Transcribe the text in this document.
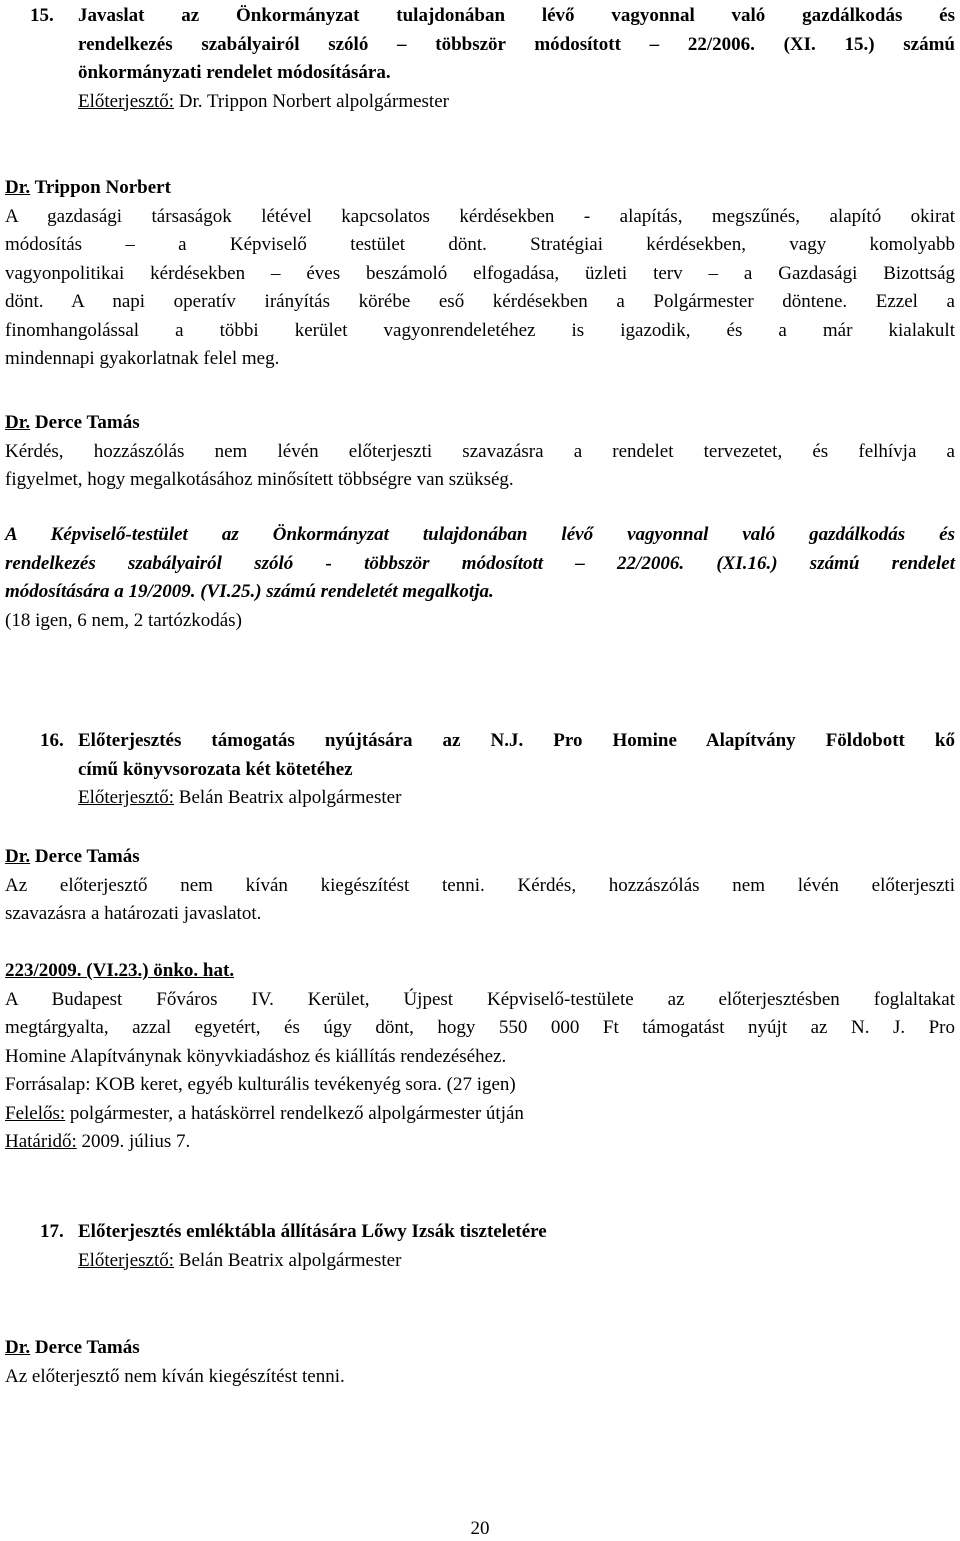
15.	Javaslat az Önkormányzat tulajdonában lévő vagyonnal való gazdálkodás és
rendelkezés szabályairól szóló – többször módosított – 22/2006. (XI. 15.) számú
önkormányzati rendelet módosítására.
Előterjesztő: Dr. Trippon Norbert alpolgármester
Dr. Trippon Norbert
A gazdasági társaságok létével kapcsolatos kérdésekben - alapítás, megszűnés, alapító okirat
módosítás – a Képviselő testület dönt. Stratégiai kérdésekben, vagy komolyabb
vagyonpolitikai kérdésekben – éves beszámoló elfogadása, üzleti terv – a Gazdasági Bizottság
dönt. A napi operatív irányítás körébe eső kérdésekben a Polgármester döntene. Ezzel a
finomhangolással a többi kerület vagyonrendeletéhez is igazodik, és a már kialakult
mindennapi gyakorlatnak felel meg.
Dr. Derce Tamás
Kérdés, hozzászólás nem lévén előterjeszti szavazásra a rendelet tervezetet, és felhívja a
figyelmet, hogy megalkotásához minősített többségre van szükség.
A Képviselő-testület az Önkormányzat tulajdonában lévő vagyonnal való gazdálkodás és
rendelkezés szabályairól szóló - többször módosított – 22/2006. (XI.16.) számú rendelet
módosítására a 19/2009. (VI.25.) számú rendeletét megalkotja.
(18 igen, 6 nem, 2 tartózkodás)
16. Előterjesztés támogatás nyújtására az N.J. Pro Homine Alapítvány Földobott kő
című könyvsorozata két kötetéhez
Előterjesztő: Belán Beatrix alpolgármester
Dr. Derce Tamás
Az előterjesztő nem kíván kiegészítést tenni. Kérdés, hozzászólás nem lévén előterjeszti
szavazásra a határozati javaslatot.
223/2009. (VI.23.) önko. hat.
A Budapest Főváros IV. Kerület, Újpest Képviselő-testülete az előterjesztésben foglaltakat
megtárgyalta, azzal egyetért, és úgy dönt, hogy 550 000 Ft támogatást nyújt az N. J. Pro
Homine Alapítványnak könyvkiadáshoz és kiállítás rendezéséhez.
Forrásalap: KOB keret, egyéb kulturális tevékenyég sora. (27 igen)
Felelős: polgármester, a hatáskörrel rendelkező alpolgármester útján
Határidő: 2009. július 7.
17. Előterjesztés emléktábla állítására Lőwy Izsák tiszteletére
Előterjesztő: Belán Beatrix alpolgármester
Dr. Derce Tamás
Az előterjesztő nem kíván kiegészítést tenni.
20
